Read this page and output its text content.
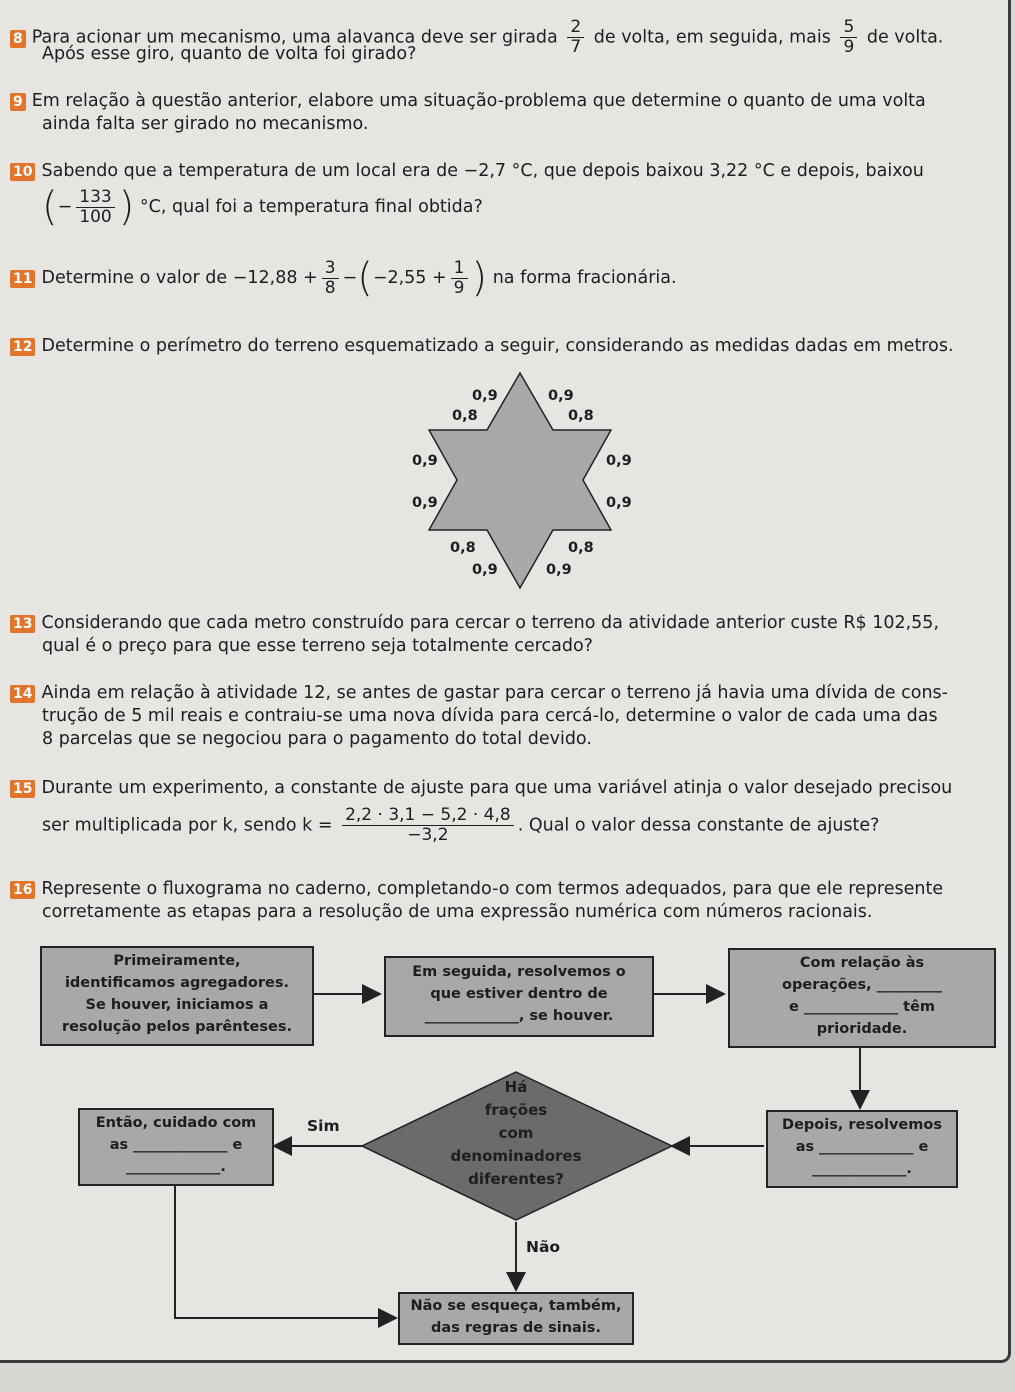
8 Para acionar um mecanismo, uma alavanca deve ser girada $\frac{2}{7}$ de volta, em seguida, mais $\frac{5}{9}$ de volta.
Após esse giro, quanto de volta foi girado?
9 Em relação à questão anterior, elabore uma situação-problema que determine o quanto de uma volta
ainda falta ser girado no mecanismo.
10 Sabendo que a temperatura de um local era de −2,7 °C, que depois baixou 3,22 °C e depois, baixou
(− $\frac{133}{100}$ ) °C, qual foi a temperatura final obtida?
11 Determine o valor de $-12,88 + \frac{3}{8} -(-2,55 + \frac{1}{9}$ ) na forma fracionária.
12 Determine o perímetro do terreno esquematizado a seguir, considerando as medidas dadas em metros.
0,9	0,9
0,8	0,8
0,9	0,9
0,9	0,9
0,8	0,8
0,9	0,9
13 Considerando que cada metro construído para cercar o terreno da atividade anterior custe R$ 102,55,
qual é o preço para que esse terreno seja totalmente cercado?
14 Ainda em relação à atividade 12, se antes de gastar para cercar o terreno já havia uma dívida de cons-
trução de 5 mil reais e contraiu-se uma nova dívida para cercá-lo, determine o valor de cada uma das
8 parcelas que se negociou para o pagamento do total devido.
15 Durante um experimento, a constante de ajuste para que uma variável atinja o valor desejado precisou
ser multiplicada por k, sendo $k = \frac{2,2 \cdot 3,1 - 5,2 \cdot 4,8}{-3,2}$ . Qual o valor dessa constante de ajuste?
16 Represente o fluxograma no caderno, completando-o com termos adequados, para que ele represente
corretamente as etapas para a resolução de uma expressão numérica com números racionais.
Primeiramente,
identificamos agregadores.
Se houver, iniciamos a
resolução pelos parênteses.
Em seguida, resolvemos o
que estiver dentro de
_____________, se houver.
Com relação às
operações, _________
e _____________ têm
prioridade.
Depois, resolvemos
as _____________ e
_____________.
Então, cuidado com
as _____________ e
_____________.
Há
frações
com
denominadores
diferentes?
Sim
Não
Não se esqueça, também,
das regras de sinais.
